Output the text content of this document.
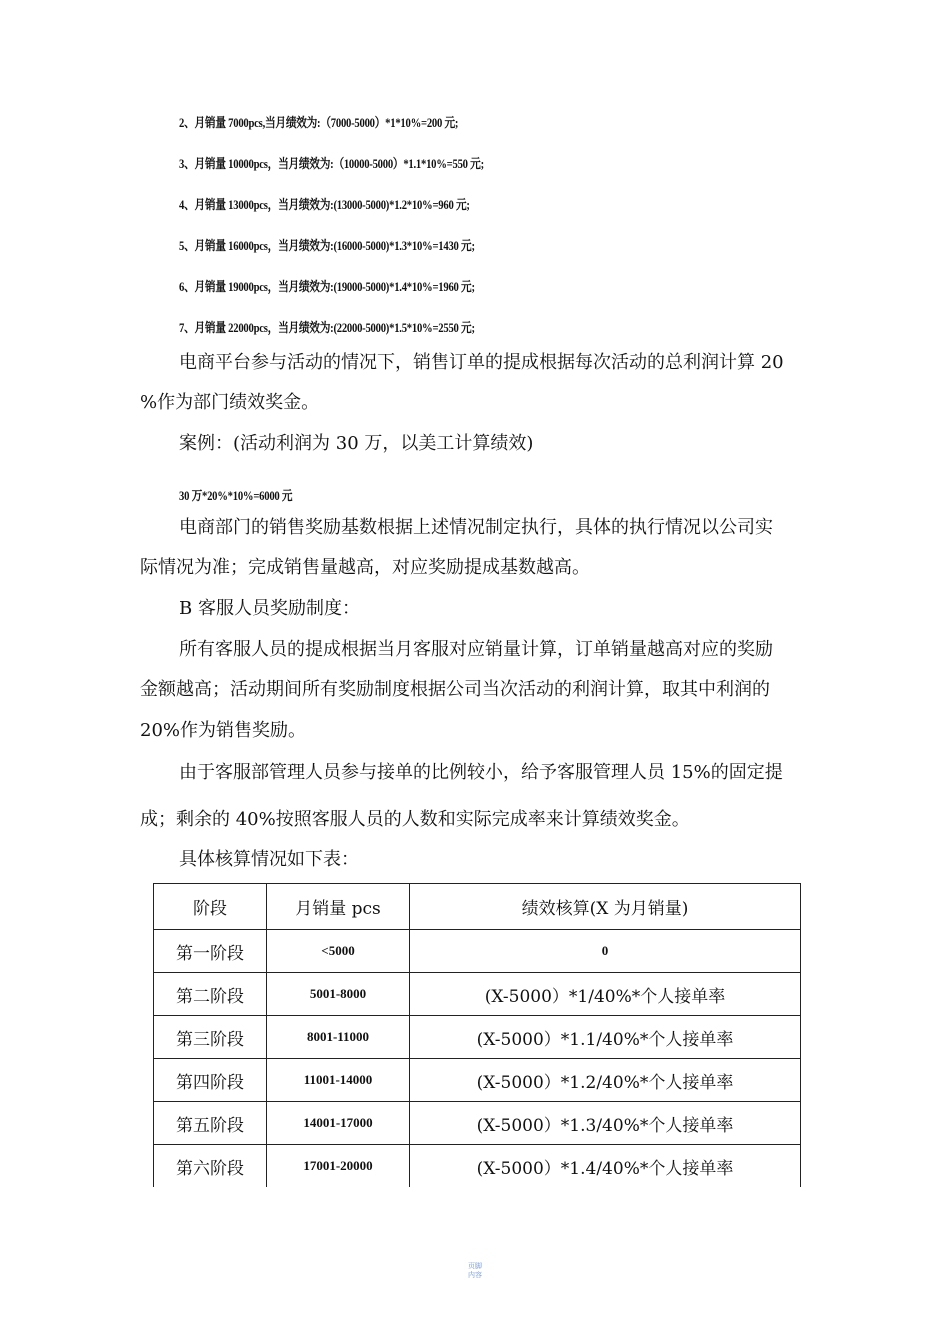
2、月销量 7000pcs,当月绩效为:（7000-5000）*1*10%=200 元;
3、月销量 10000pcs，当月绩效为:（10000-5000）*1.1*10%=550 元;
4、月销量 13000pcs，当月绩效为:(13000-5000)*1.2*10%=960 元;
5、月销量 16000pcs，当月绩效为:(16000-5000)*1.3*10%=1430 元;
6、月销量 19000pcs，当月绩效为:(19000-5000)*1.4*10%=1960 元;
7、月销量 22000pcs，当月绩效为:(22000-5000)*1.5*10%=2550 元;
电商平台参与活动的情况下，销售订单的提成根据每次活动的总利润计算 20
%作为部门绩效奖金。
案例：(活动利润为 30 万，以美工计算绩效)
30 万*20%*10%=6000 元
电商部门的销售奖励基数根据上述情况制定执行，具体的执行情况以公司实
际情况为准；完成销售量越高，对应奖励提成基数越高。
B 客服人员奖励制度：
所有客服人员的提成根据当月客服对应销量计算，订单销量越高对应的奖励
金额越高；活动期间所有奖励制度根据公司当次活动的利润计算，取其中利润的
20%作为销售奖励。
由于客服部管理人员参与接单的比例较小，给予客服管理人员 15%的固定提
成；剩余的 40%按照客服人员的人数和实际完成率来计算绩效奖金。
具体核算情况如下表：
阶段	月销量 pcs	绩效核算(X 为月销量)
第一阶段	<5000	0
第二阶段	5001-8000	(X-5000）*1/40%*个人接单率
第三阶段	8001-11000	(X-5000）*1.1/40%*个人接单率
第四阶段	11001-14000	(X-5000）*1.2/40%*个人接单率
第五阶段	14001-17000	(X-5000）*1.3/40%*个人接单率
第六阶段	17001-20000	(X-5000）*1.4/40%*个人接单率
页脚
内容
